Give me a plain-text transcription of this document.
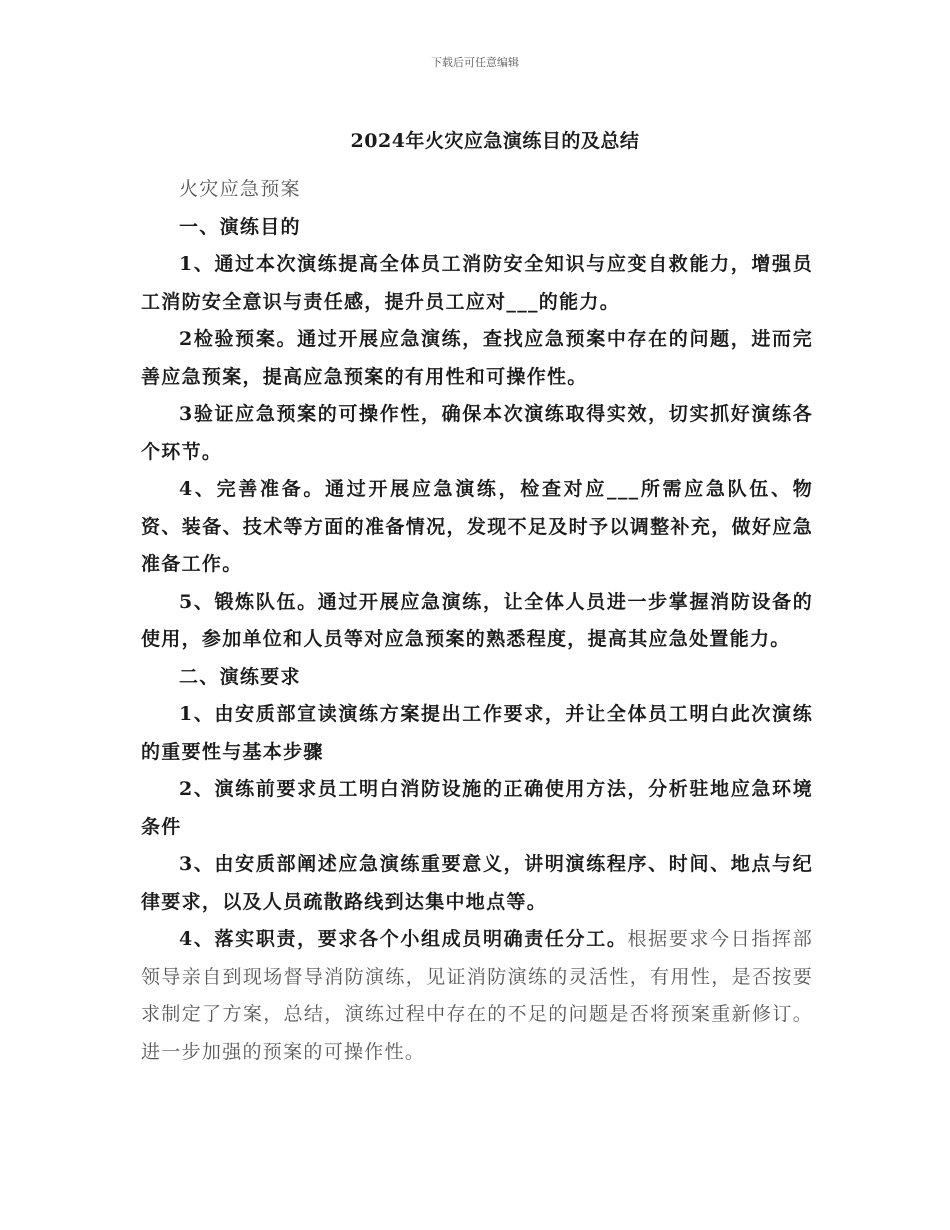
下载后可任意编辑
2024年火灾应急演练目的及总结

火灾应急预案

一、演练目的

1、通过本次演练提高全体员工消防安全知识与应变自救能力，增强员工消防安全意识与责任感，提升员工应对___的能力。

2检验预案。通过开展应急演练，查找应急预案中存在的问题，进而完善应急预案，提高应急预案的有用性和可操作性。

3验证应急预案的可操作性，确保本次演练取得实效，切实抓好演练各个环节。

4、完善准备。通过开展应急演练，检查对应___所需应急队伍、物资、装备、技术等方面的准备情况，发现不足及时予以调整补充，做好应急准备工作。

5、锻炼队伍。通过开展应急演练，让全体人员进一步掌握消防设备的使用，参加单位和人员等对应急预案的熟悉程度，提高其应急处置能力。

二、演练要求

1、由安质部宣读演练方案提出工作要求，并让全体员工明白此次演练的重要性与基本步骤

2、演练前要求员工明白消防设施的正确使用方法，分析驻地应急环境条件

3、由安质部阐述应急演练重要意义，讲明演练程序、时间、地点与纪律要求，以及人员疏散路线到达集中地点等。

4、落实职责，要求各个小组成员明确责任分工。根据要求今日指挥部领导亲自到现场督导消防演练，见证消防演练的灵活性，有用性，是否按要求制定了方案，总结，演练过程中存在的不足的问题是否将预案重新修订。进一步加强的预案的可操作性。
